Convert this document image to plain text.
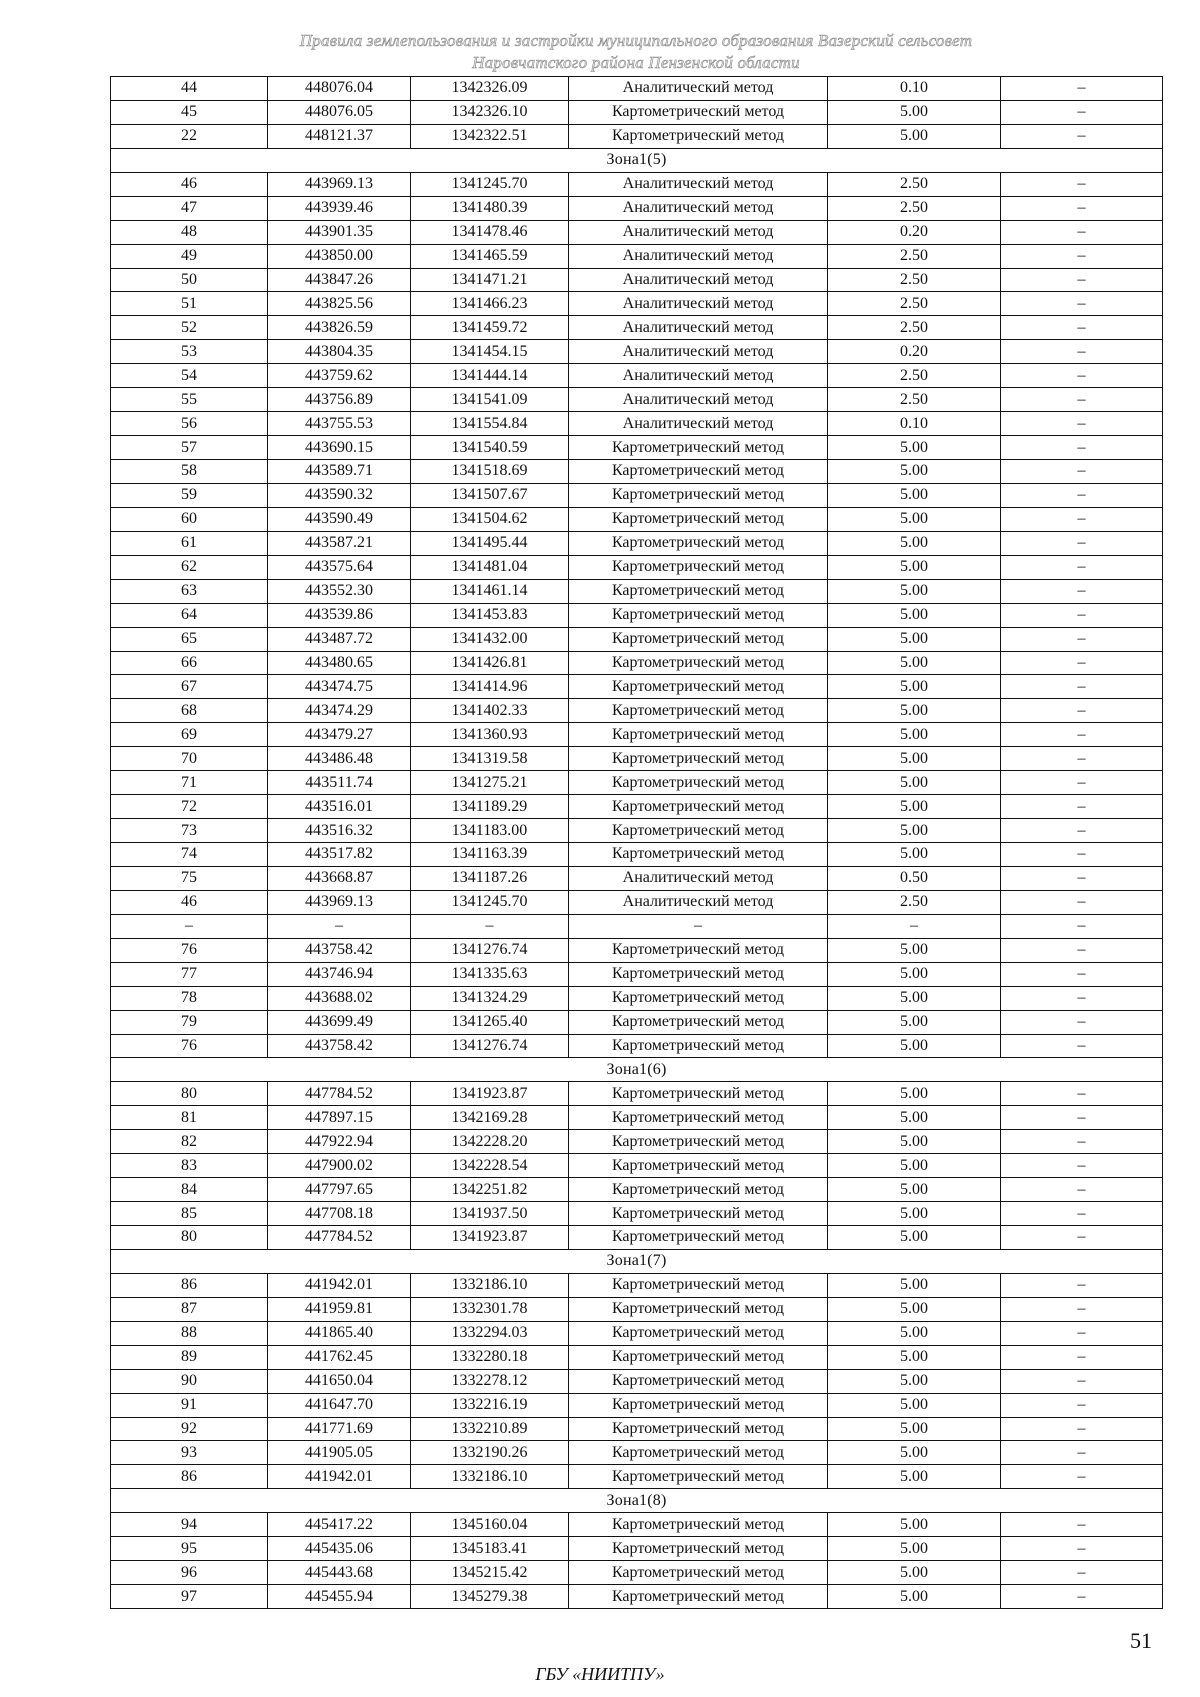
Правила землепользования и застройки муниципального образования Вазерский сельсовет
Наровчатского района Пензенской области
44	448076.04	1342326.09	Аналитический метод	0.10	–
45	448076.05	1342326.10	Картометрический метод	5.00	–
22	448121.37	1342322.51	Картометрический метод	5.00	–
Зона1(5)					
46	443969.13	1341245.70	Аналитический метод	2.50	–
47	443939.46	1341480.39	Аналитический метод	2.50	–
48	443901.35	1341478.46	Аналитический метод	0.20	–
49	443850.00	1341465.59	Аналитический метод	2.50	–
50	443847.26	1341471.21	Аналитический метод	2.50	–
51	443825.56	1341466.23	Аналитический метод	2.50	–
52	443826.59	1341459.72	Аналитический метод	2.50	–
53	443804.35	1341454.15	Аналитический метод	0.20	–
54	443759.62	1341444.14	Аналитический метод	2.50	–
55	443756.89	1341541.09	Аналитический метод	2.50	–
56	443755.53	1341554.84	Аналитический метод	0.10	–
57	443690.15	1341540.59	Картометрический метод	5.00	–
58	443589.71	1341518.69	Картометрический метод	5.00	–
59	443590.32	1341507.67	Картометрический метод	5.00	–
60	443590.49	1341504.62	Картометрический метод	5.00	–
61	443587.21	1341495.44	Картометрический метод	5.00	–
62	443575.64	1341481.04	Картометрический метод	5.00	–
63	443552.30	1341461.14	Картометрический метод	5.00	–
64	443539.86	1341453.83	Картометрический метод	5.00	–
65	443487.72	1341432.00	Картометрический метод	5.00	–
66	443480.65	1341426.81	Картометрический метод	5.00	–
67	443474.75	1341414.96	Картометрический метод	5.00	–
68	443474.29	1341402.33	Картометрический метод	5.00	–
69	443479.27	1341360.93	Картометрический метод	5.00	–
70	443486.48	1341319.58	Картометрический метод	5.00	–
71	443511.74	1341275.21	Картометрический метод	5.00	–
72	443516.01	1341189.29	Картометрический метод	5.00	–
73	443516.32	1341183.00	Картометрический метод	5.00	–
74	443517.82	1341163.39	Картометрический метод	5.00	–
75	443668.87	1341187.26	Аналитический метод	0.50	–
46	443969.13	1341245.70	Аналитический метод	2.50	–
–	–	–	–	–	–
76	443758.42	1341276.74	Картометрический метод	5.00	–
77	443746.94	1341335.63	Картометрический метод	5.00	–
78	443688.02	1341324.29	Картометрический метод	5.00	–
79	443699.49	1341265.40	Картометрический метод	5.00	–
76	443758.42	1341276.74	Картометрический метод	5.00	–
Зона1(6)					
80	447784.52	1341923.87	Картометрический метод	5.00	–
81	447897.15	1342169.28	Картометрический метод	5.00	–
82	447922.94	1342228.20	Картометрический метод	5.00	–
83	447900.02	1342228.54	Картометрический метод	5.00	–
84	447797.65	1342251.82	Картометрический метод	5.00	–
85	447708.18	1341937.50	Картометрический метод	5.00	–
80	447784.52	1341923.87	Картометрический метод	5.00	–
Зона1(7)					
86	441942.01	1332186.10	Картометрический метод	5.00	–
87	441959.81	1332301.78	Картометрический метод	5.00	–
88	441865.40	1332294.03	Картометрический метод	5.00	–
89	441762.45	1332280.18	Картометрический метод	5.00	–
90	441650.04	1332278.12	Картометрический метод	5.00	–
91	441647.70	1332216.19	Картометрический метод	5.00	–
92	441771.69	1332210.89	Картометрический метод	5.00	–
93	441905.05	1332190.26	Картометрический метод	5.00	–
86	441942.01	1332186.10	Картометрический метод	5.00	–
Зона1(8)					
94	445417.22	1345160.04	Картометрический метод	5.00	–
95	445435.06	1345183.41	Картометрический метод	5.00	–
96	445443.68	1345215.42	Картометрический метод	5.00	–
97	445455.94	1345279.38	Картометрический метод	5.00	–
51
ГБУ «НИИТПУ»
